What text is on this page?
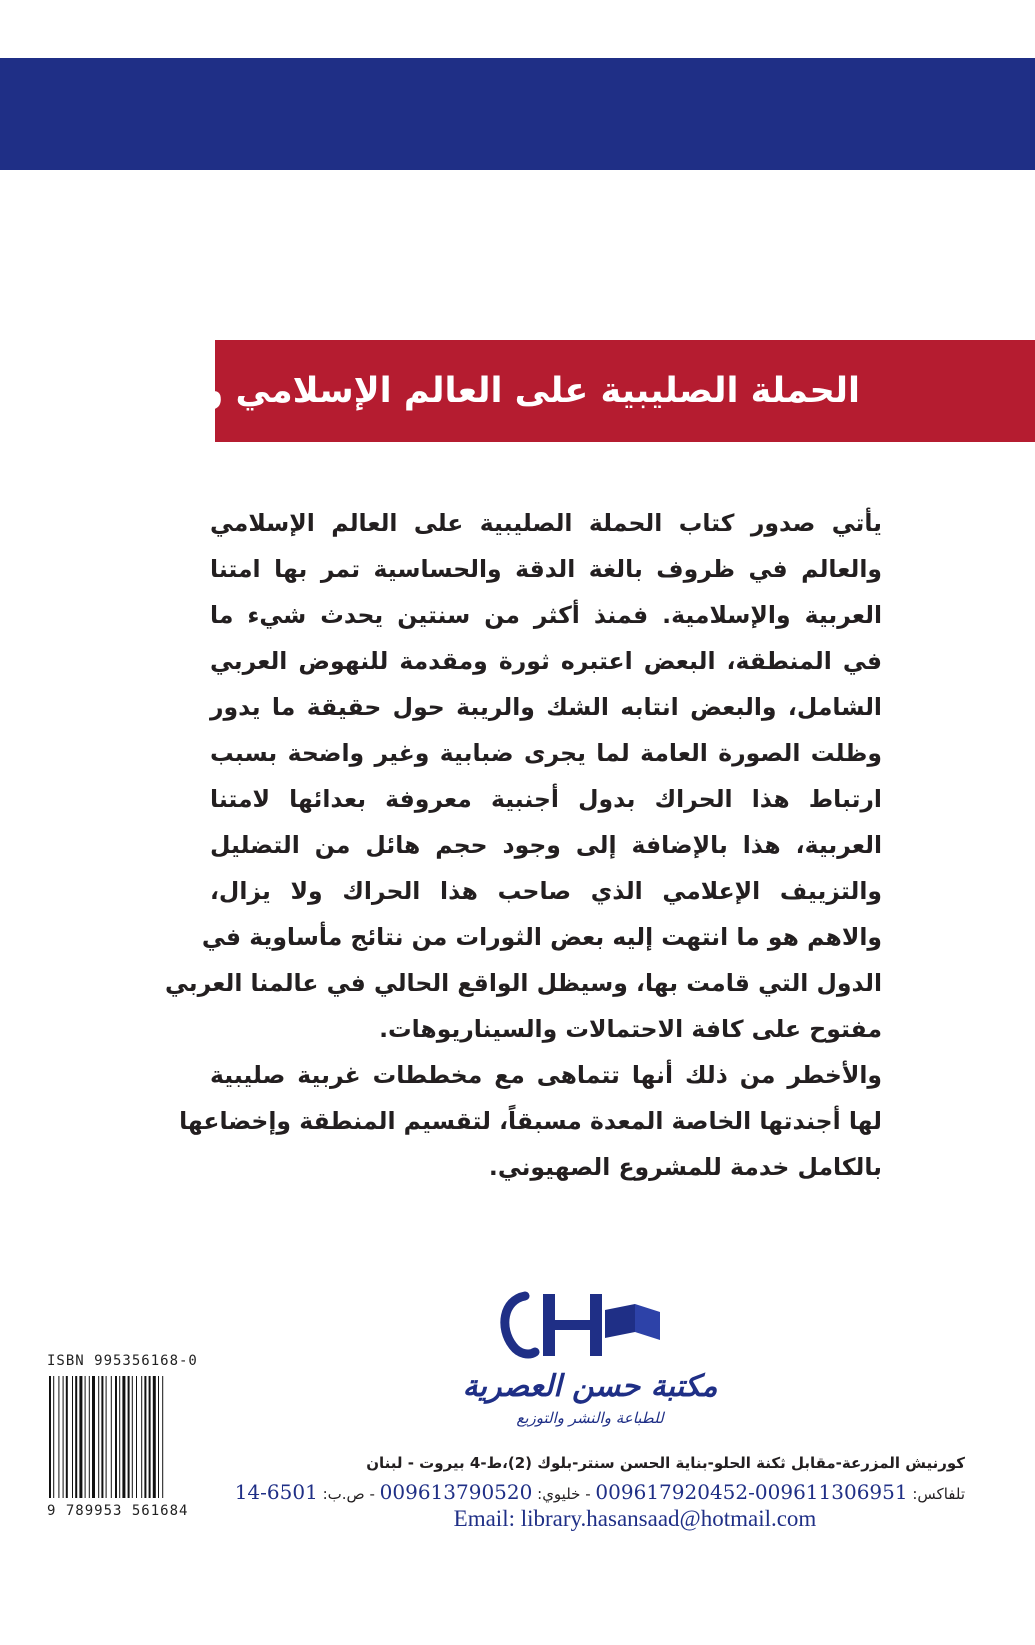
الحملة الصليبية على العالم الإسلامي والعالم
يأتي صدور كتاب الحملة الصليبية على العالم الإسلامي
والعالم في ظروف بالغة الدقة والحساسية تمر بها امتنا
العربية والإسلامية. فمنذ أكثر من سنتين يحدث شيء ما
في المنطقة، البعض اعتبره ثورة ومقدمة للنهوض العربي
الشامل، والبعض انتابه الشك والريبة حول حقيقة ما يدور
وظلت الصورة العامة لما يجرى ضبابية وغير واضحة بسبب
ارتباط هذا الحراك بدول أجنبية معروفة بعدائها لامتنا
العربية، هذا بالإضافة إلى وجود حجم هائل من التضليل
والتزييف الإعلامي الذي صاحب هذا الحراك ولا يزال،
والاهم هو ما انتهت إليه بعض الثورات من نتائج مأساوية في
الدول التي قامت بها، وسيظل الواقع الحالي في عالمنا العربي
مفتوح على كافة الاحتمالات والسيناريوهات.
والأخطر من ذلك أنها تتماهى مع مخططات غربية صليبية
لها أجندتها الخاصة المعدة مسبقاً، لتقسيم المنطقة وإخضاعها
بالكامل خدمة للمشروع الصهيوني.
ISBN 995356168-0
9 789953 561684
مكتبة حسن العصرية
للطباعة والنشر والتوزيع
كورنيش المزرعة-مقابل ثكنة الحلو-بناية الحسن سنتر-بلوك (2)،ط-4 بيروت - لبنان
تلفاكس: 009611306951-009617920452 - خليوي: 009613790520 - ص.ب: 6501-14
Email: library.hasansaad@hotmail.com
